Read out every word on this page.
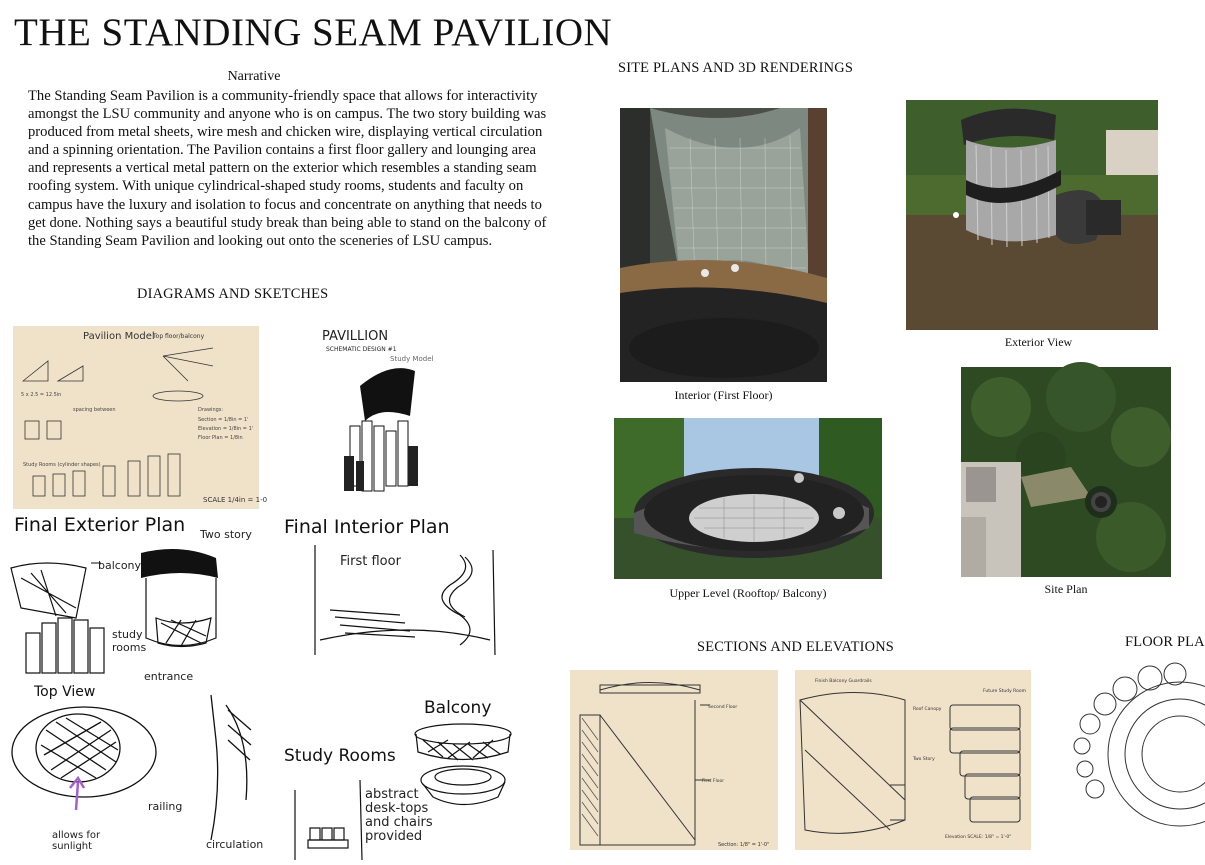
THE STANDING SEAM PAVILION
Narrative
The Standing Seam Pavilion is a community-friendly space that allows for interactivity amongst the LSU community and anyone who is on campus. The two story building was produced from metal sheets, wire mesh and chicken wire, displaying vertical circulation and a spinning orientation. The Pavilion contains a first floor gallery and lounging area and represents a vertical metal pattern on the exterior which resembles a standing seam roofing system. With unique cylindrical-shaped study rooms, students and faculty on campus have the luxury and isolation to focus and concentrate on anything that needs to get done. Nothing says a beautiful study break than being able to stand on the balcony of the Standing Seam Pavilion and looking out onto the sceneries of LSU campus.
DIAGRAMS AND SKETCHES
SITE PLANS AND 3D RENDERINGS
SECTIONS AND ELEVATIONS	FLOOR PLA
Pavilion Model
Top floor/balcony
5 x 2.5 = 12.5in
spacing between	Drawings:
Section = 1/8in = 1'
Elevation = 1/8in = 1'
Floor Plan = 1/8in
Study Rooms (cylinder shapes)
SCALE 1/4in = 1-0
PAVILLION
SCHEMATIC DESIGN #1
Study Model
Final Exterior Plan Two story
balcony
study rooms
entrance
Top View
allows for sunlight
railing
circulation
Final Interior Plan
First floor
Study Rooms
abstract desk-tops and chairs provided
Balcony
Interior (First Floor)
Exterior View
Upper Level (Rooftop/ Balcony)	Site Plan
Second Floor
First Floor
Section: 1/8" = 1'-0"
Finish Balcony Guardrails
Roof Canopy
Two Story
Future Study Room
Elevation SCALE: 1/8" = 1'-0"
